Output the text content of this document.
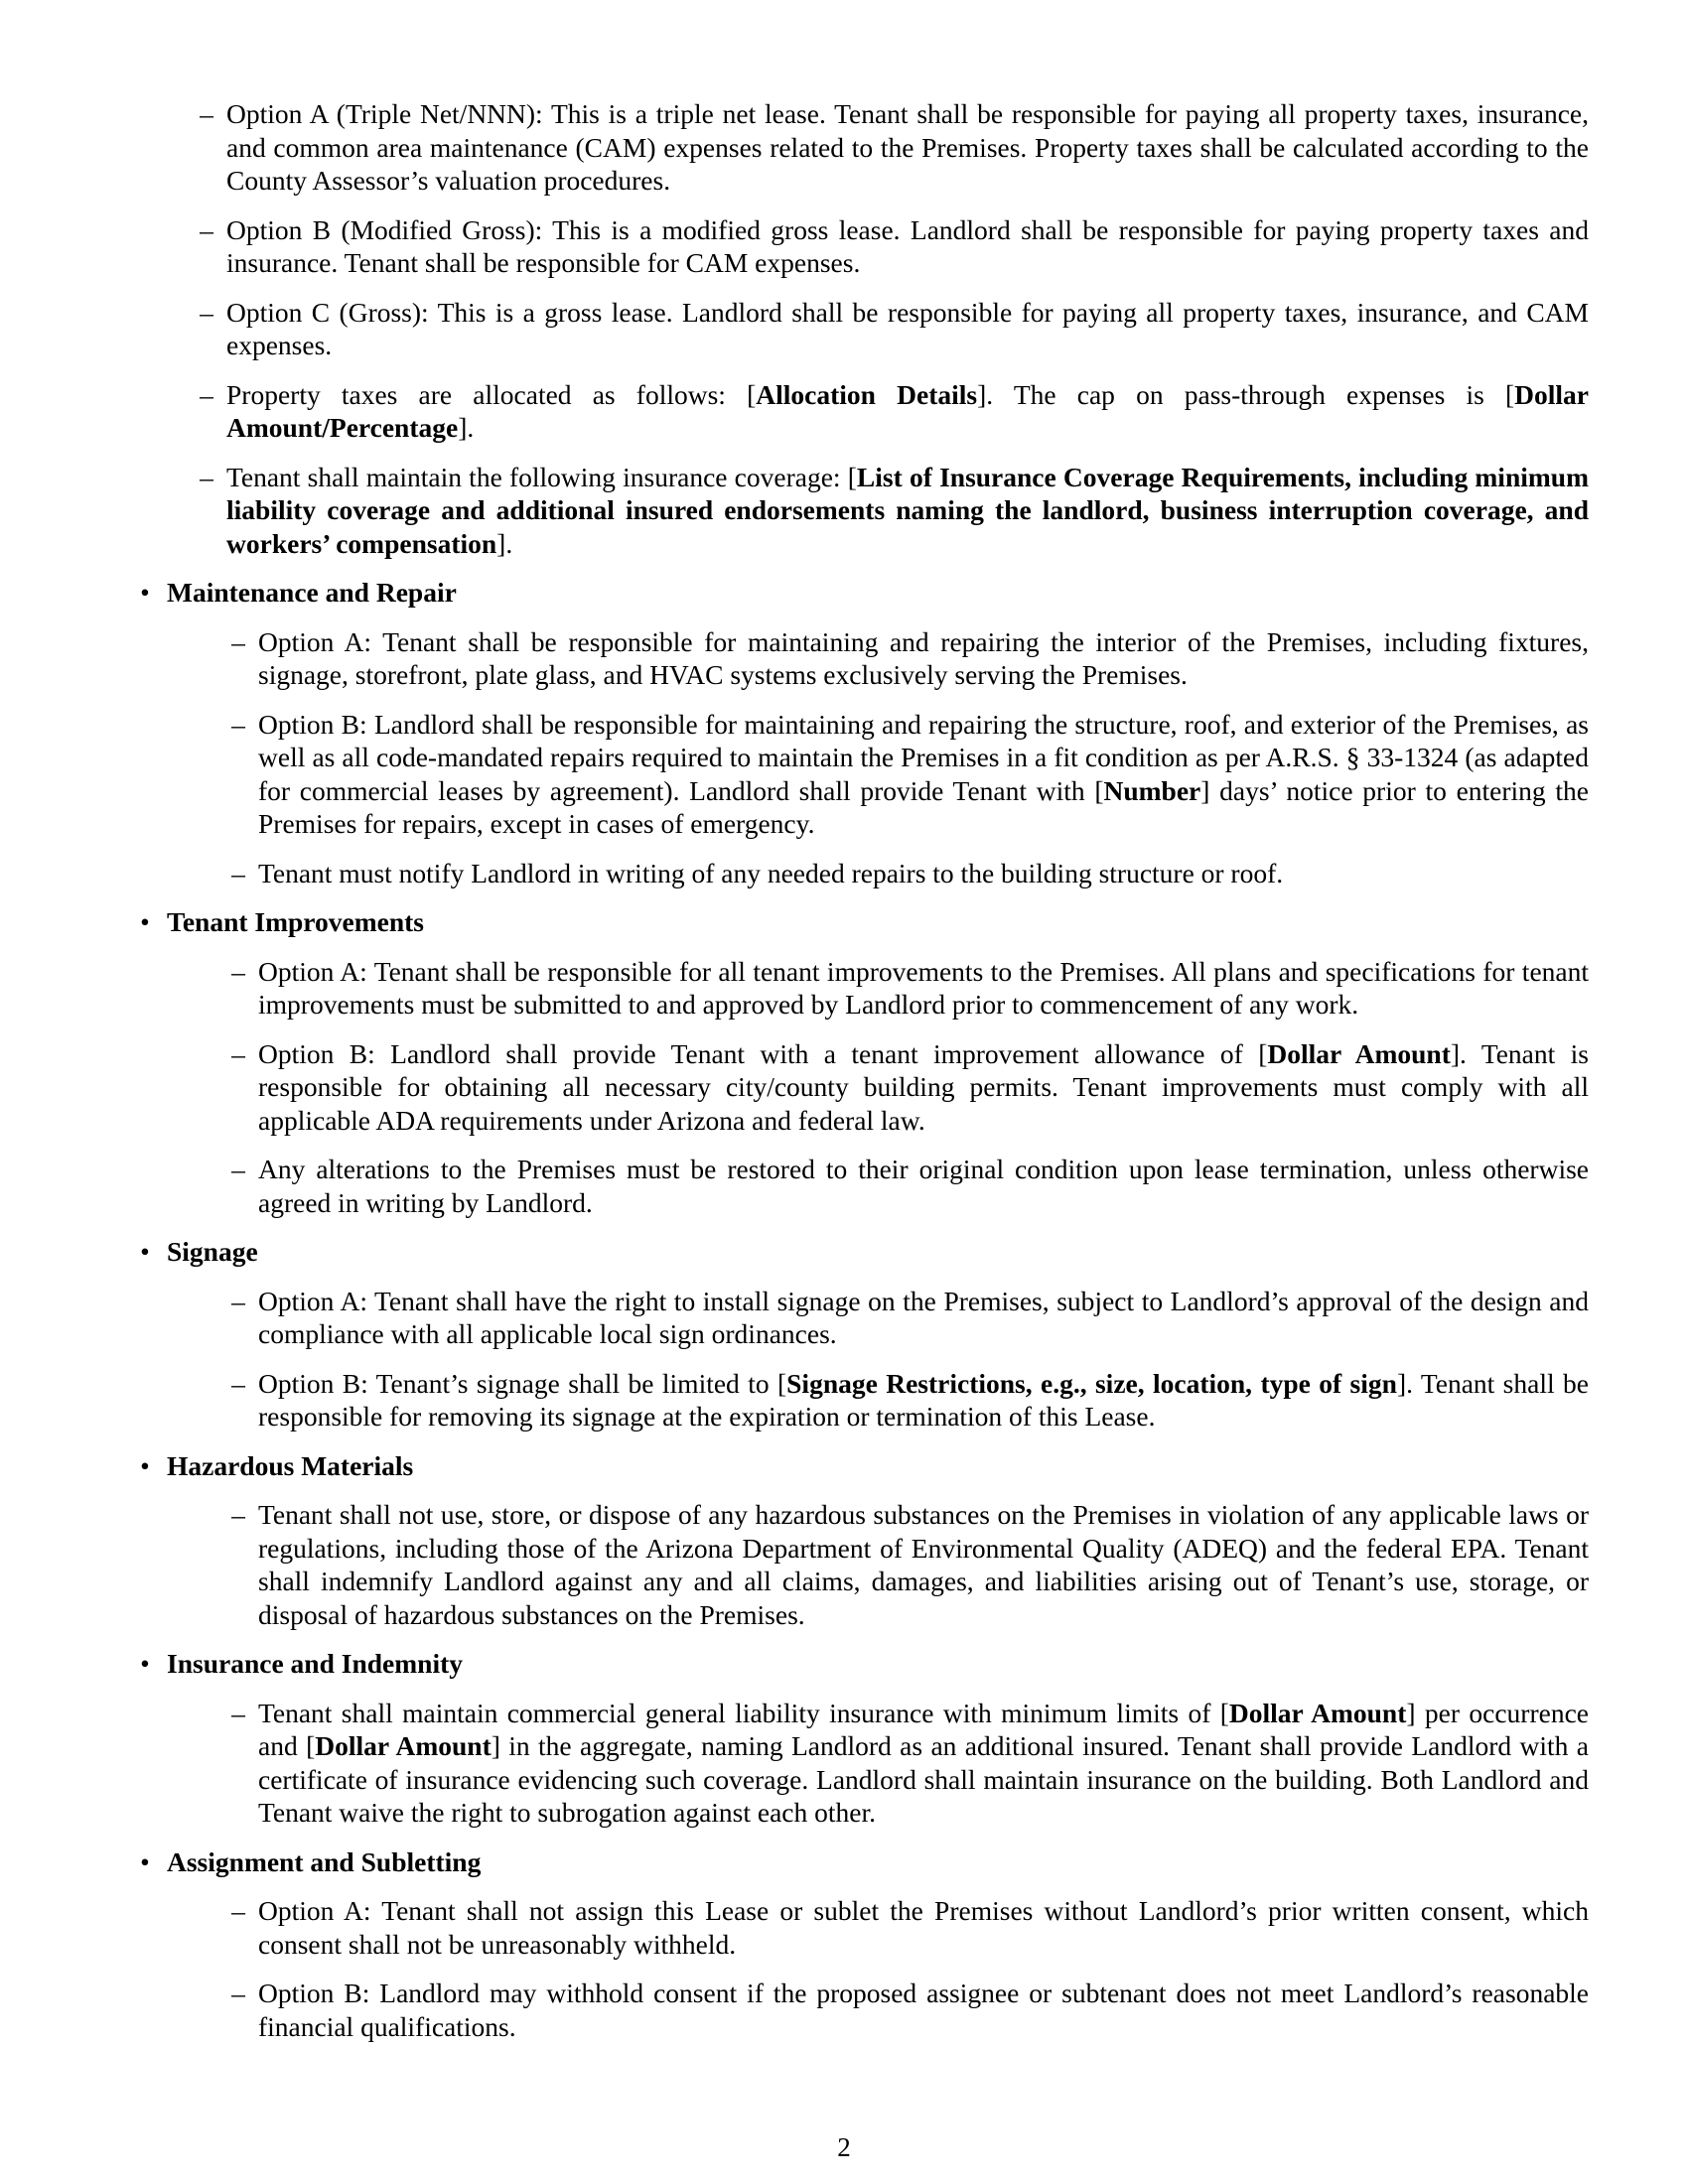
– Option A (Triple Net/NNN): This is a triple net lease. Tenant shall be responsible for paying all property taxes, insurance, and common area maintenance (CAM) expenses related to the Premises. Property taxes shall be calculated according to the County Assessor’s valuation procedures.
– Option B (Modified Gross): This is a modified gross lease. Landlord shall be responsible for paying property taxes and insurance. Tenant shall be responsible for CAM expenses.
– Option C (Gross): This is a gross lease. Landlord shall be responsible for paying all property taxes, insurance, and CAM expenses.
– Property taxes are allocated as follows: [Allocation Details]. The cap on pass-through expenses is [Dollar Amount/Percentage].
– Tenant shall maintain the following insurance coverage: [List of Insurance Coverage Requirements, including minimum liability coverage and additional insured endorsements naming the landlord, business interruption coverage, and workers’ compensation].
• Maintenance and Repair
– Option A: Tenant shall be responsible for maintaining and repairing the interior of the Premises, including fixtures, signage, storefront, plate glass, and HVAC systems exclusively serving the Premises.
– Option B: Landlord shall be responsible for maintaining and repairing the structure, roof, and exterior of the Premises, as well as all code-mandated repairs required to maintain the Premises in a fit condition as per A.R.S. § 33-1324 (as adapted for commercial leases by agreement). Landlord shall provide Tenant with [Number] days’ notice prior to entering the Premises for repairs, except in cases of emergency.
– Tenant must notify Landlord in writing of any needed repairs to the building structure or roof.
• Tenant Improvements
– Option A: Tenant shall be responsible for all tenant improvements to the Premises. All plans and specifications for tenant improvements must be submitted to and approved by Landlord prior to commencement of any work.
– Option B: Landlord shall provide Tenant with a tenant improvement allowance of [Dollar Amount]. Tenant is responsible for obtaining all necessary city/county building permits. Tenant improvements must comply with all applicable ADA requirements under Arizona and federal law.
– Any alterations to the Premises must be restored to their original condition upon lease termination, unless otherwise agreed in writing by Landlord.
• Signage
– Option A: Tenant shall have the right to install signage on the Premises, subject to Landlord’s approval of the design and compliance with all applicable local sign ordinances.
– Option B: Tenant’s signage shall be limited to [Signage Restrictions, e.g., size, location, type of sign]. Tenant shall be responsible for removing its signage at the expiration or termination of this Lease.
• Hazardous Materials
– Tenant shall not use, store, or dispose of any hazardous substances on the Premises in violation of any applicable laws or regulations, including those of the Arizona Department of Environmental Quality (ADEQ) and the federal EPA. Tenant shall indemnify Landlord against any and all claims, damages, and liabilities arising out of Tenant’s use, storage, or disposal of hazardous substances on the Premises.
• Insurance and Indemnity
– Tenant shall maintain commercial general liability insurance with minimum limits of [Dollar Amount] per occurrence and [Dollar Amount] in the aggregate, naming Landlord as an additional insured. Tenant shall provide Landlord with a certificate of insurance evidencing such coverage. Landlord shall maintain insurance on the building. Both Landlord and Tenant waive the right to subrogation against each other.
• Assignment and Subletting
– Option A: Tenant shall not assign this Lease or sublet the Premises without Landlord’s prior written consent, which consent shall not be unreasonably withheld.
– Option B: Landlord may withhold consent if the proposed assignee or subtenant does not meet Landlord’s reasonable financial qualifications.
2
